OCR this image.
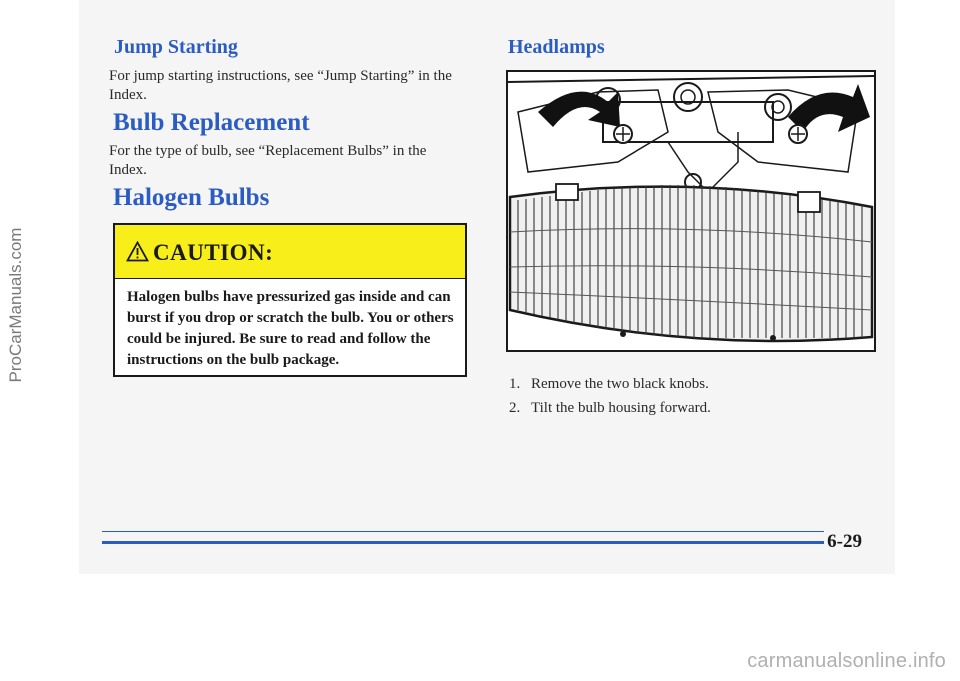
ProCarManuals.com
Jump Starting

For jump starting instructions, see “Jump Starting” in the Index.

Bulb Replacement

For the type of bulb, see “Replacement Bulbs” in the Index.

Halogen Bulbs

CAUTION:

Halogen bulbs have pressurized gas inside and can burst if you drop or scratch the bulb. You or others could be injured. Be sure to read and follow the instructions on the bulb package.

Headlamps
1. Remove the two black knobs.
2. Tilt the bulb housing forward.

6-29

carmanualsonline.info
